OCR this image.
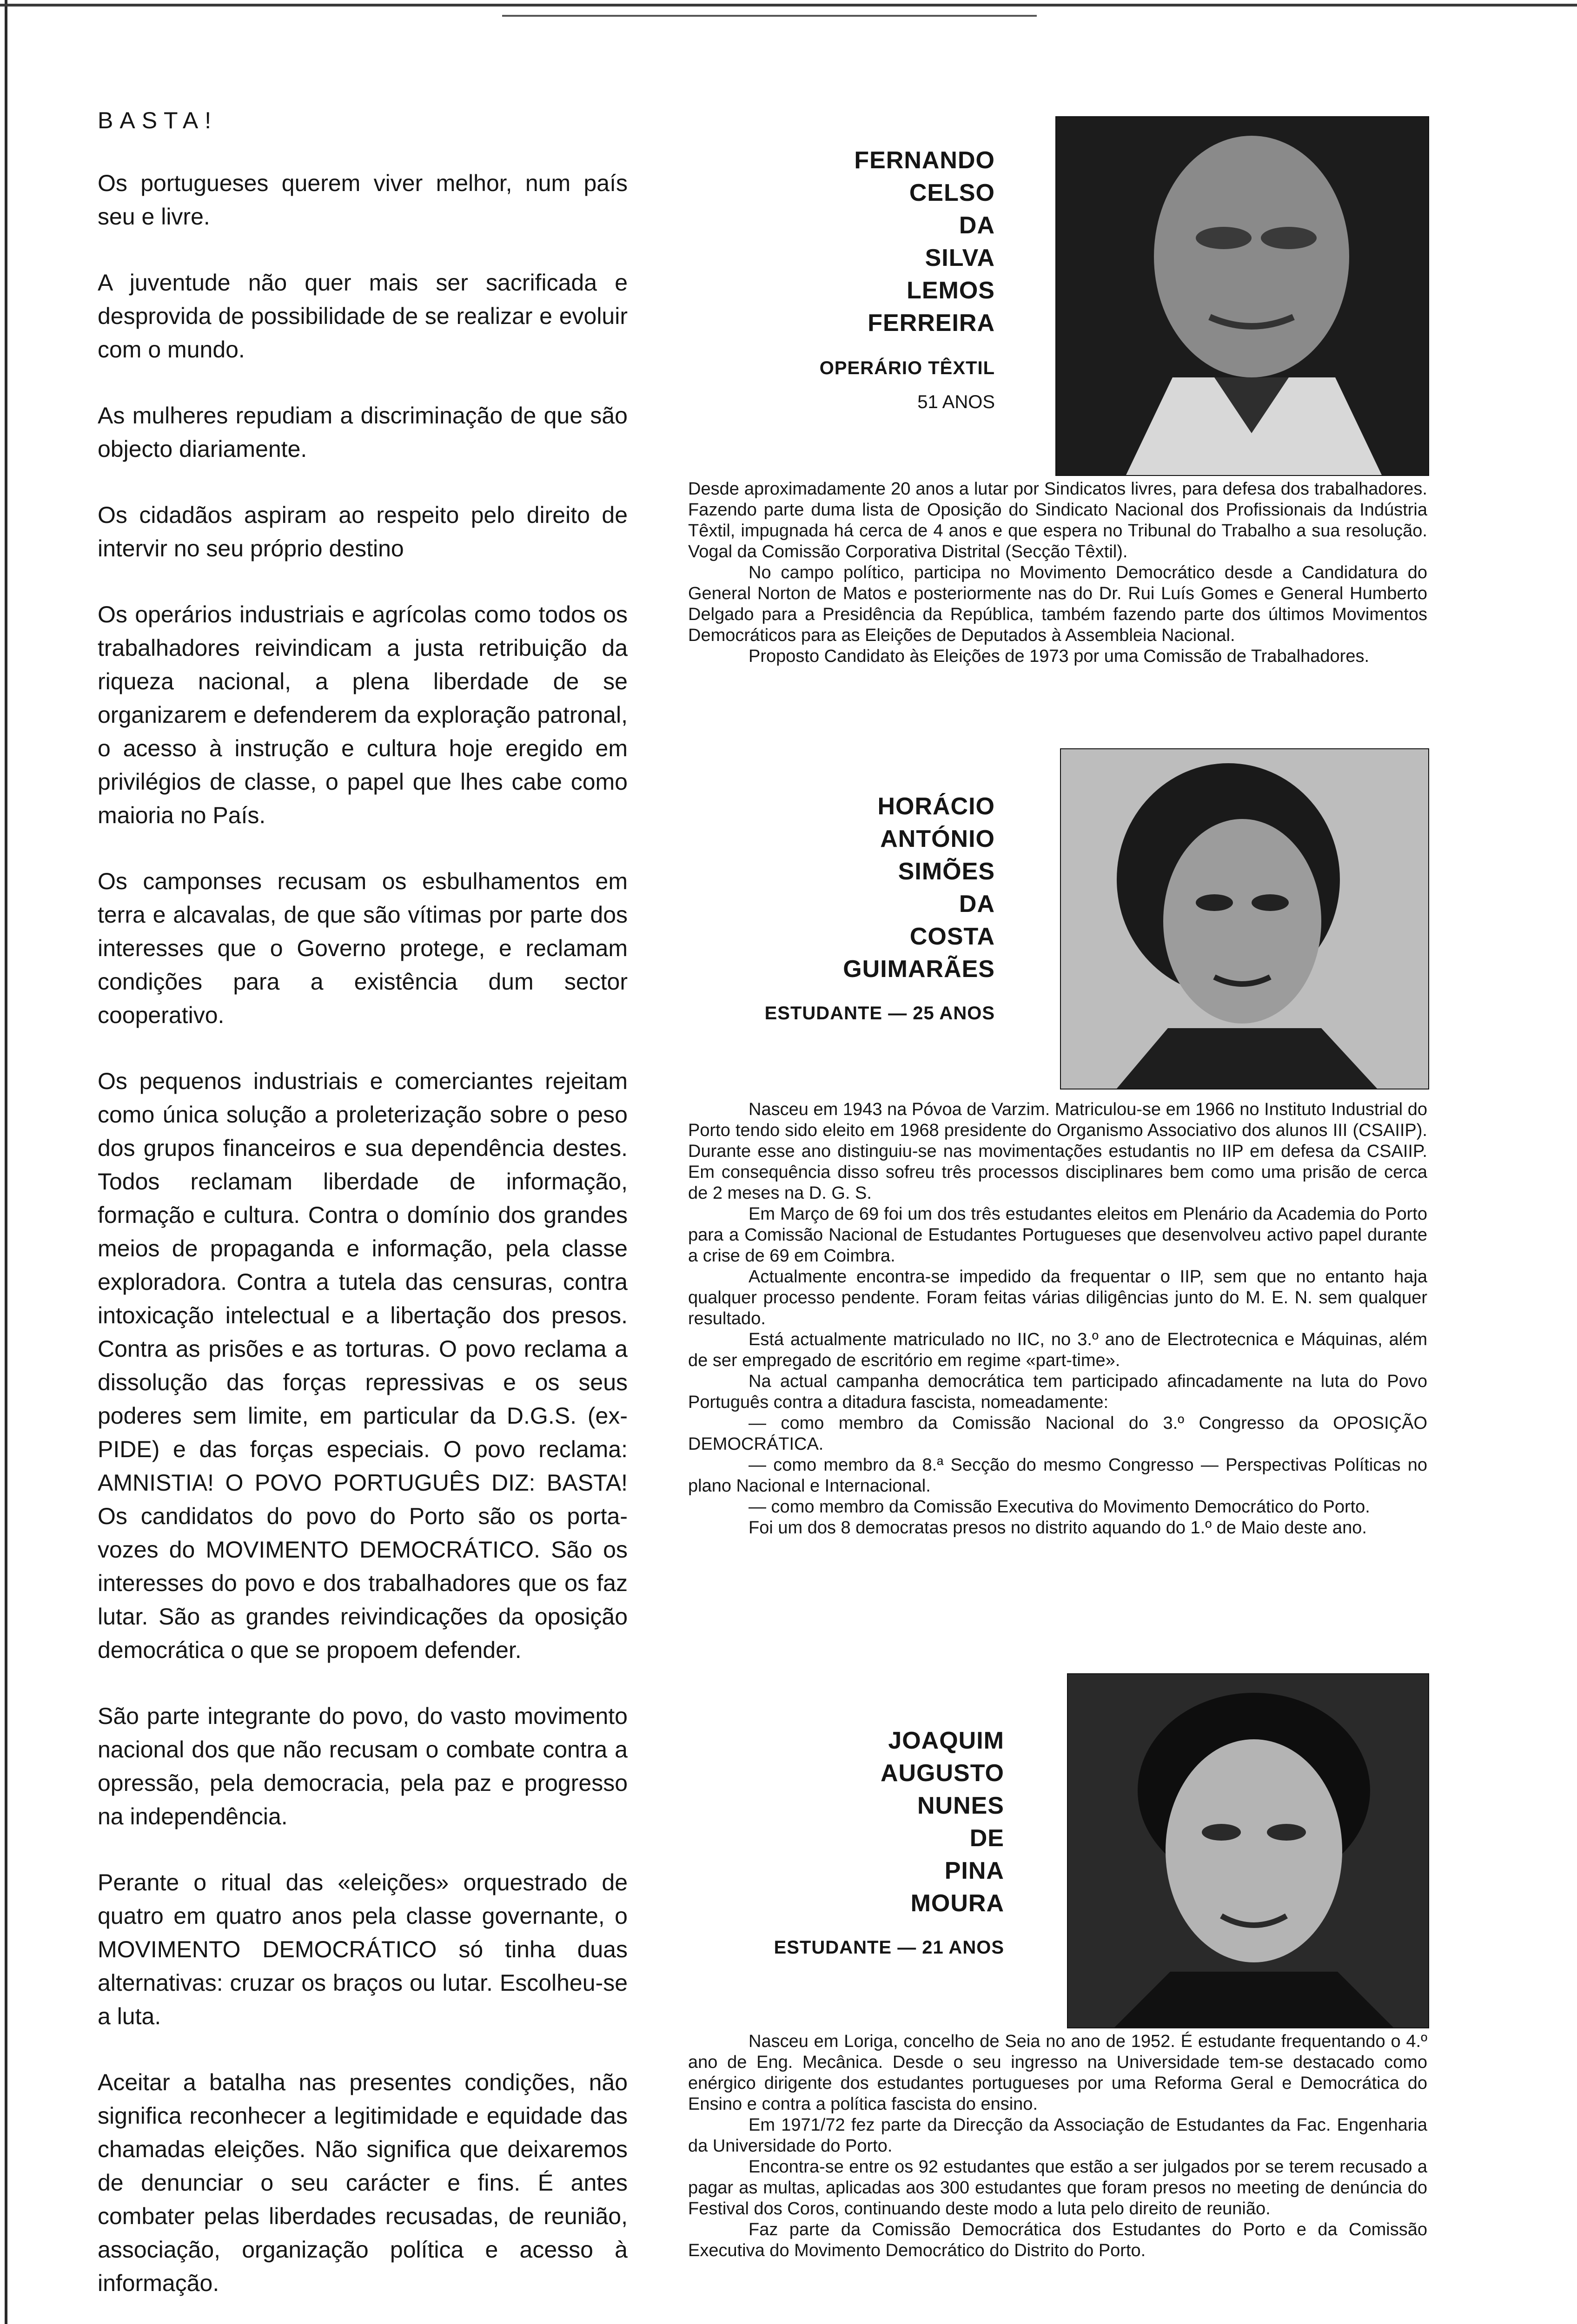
BASTA!

Os portugueses querem viver melhor, num país seu e livre.

A juventude não quer mais ser sacrificada e desprovida de possibilidade de se realizar e evoluir com o mundo.

As mulheres repudiam a discriminação de que são objecto diariamente.

Os cidadãos aspiram ao respeito pelo direito de intervir no seu próprio destino

Os operários industriais e agrícolas como todos os trabalhadores reivindicam a justa retribuição da riqueza nacional, a plena liberdade de se organizarem e defenderem da exploração patronal, o acesso à instrução e cultura hoje eregido em privilégios de classe, o papel que lhes cabe como maioria no País.

Os camponses recusam os esbulhamentos em terra e alcavalas, de que são vítimas por parte dos interesses que o Governo protege, e reclamam condições para a existência dum sector cooperativo.

Os pequenos industriais e comerciantes rejeitam como única solução a proleterização sobre o peso dos grupos financeiros e sua dependência destes. Todos reclamam liberdade de informação, formação e cultura. Contra o domínio dos grandes meios de propaganda e informação, pela classe exploradora. Contra a tutela das censuras, contra intoxicação intelectual e a libertação dos presos. Contra as prisões e as torturas. O povo reclama a dissolução das forças repressivas e os seus poderes sem limite, em particular da D.G.S. (ex-PIDE) e das forças especiais. O povo reclama: AMNISTIA! O POVO PORTUGUÊS DIZ: BASTA! Os candidatos do povo do Porto são os porta-vozes do MOVIMENTO DEMOCRÁTICO. São os interesses do povo e dos trabalhadores que os faz lutar. São as grandes reivindicações da oposição democrática o que se propoem defender.

São parte integrante do povo, do vasto movimento nacional dos que não recusam o combate contra a opressão, pela democracia, pela paz e progresso na independência.

Perante o ritual das «eleições» orquestrado de quatro em quatro anos pela classe governante, o MOVIMENTO DEMOCRÁTICO só tinha duas alternativas: cruzar os braços ou lutar. Escolheu-se a luta.

Aceitar a batalha nas presentes condições, não significa reconhecer a legitimidade e equidade das chamadas eleições. Não significa que deixaremos de denunciar o seu carácter e fins. É antes combater pelas liberdades recusadas, de reunião, associação, organização política e acesso à informação.

FERNANDO
CELSO
DA
SILVA
LEMOS
FERREIRA
OPERÁRIO TÊXTIL
51 ANOS

Desde aproximadamente 20 anos a lutar por Sindicatos livres, para defesa dos trabalhadores. Fazendo parte duma lista de Oposição do Sindicato Nacional dos Profissionais da Indústria Têxtil, impugnada há cerca de 4 anos e que espera no Tribunal do Trabalho a sua resolução. Vogal da Comissão Corporativa Distrital (Secção Têxtil).

No campo político, participa no Movimento Democrático desde a Candidatura do General Norton de Matos e posteriormente nas do Dr. Rui Luís Gomes e General Humberto Delgado para a Presidência da República, também fazendo parte dos últimos Movimentos Democráticos para as Eleições de Deputados à Assembleia Nacional.

Proposto Candidato às Eleições de 1973 por uma Comissão de Trabalhadores.

HORÁCIO
ANTÓNIO
SIMÕES
DA
COSTA
GUIMARÃES
ESTUDANTE — 25 ANOS

Nasceu em 1943 na Póvoa de Varzim. Matriculou-se em 1966 no Instituto Industrial do Porto tendo sido eleito em 1968 presidente do Organismo Associativo dos alunos III (CSAIIP). Durante esse ano distinguiu-se nas movimentações estudantis no IIP em defesa da CSAIIP. Em consequência disso sofreu três processos disciplinares bem como uma prisão de cerca de 2 meses na D. G. S.

Em Março de 69 foi um dos três estudantes eleitos em Plenário da Academia do Porto para a Comissão Nacional de Estudantes Portugueses que desenvolveu activo papel durante a crise de 69 em Coimbra.

Actualmente encontra-se impedido da frequentar o IIP, sem que no entanto haja qualquer processo pendente. Foram feitas várias diligências junto do M. E. N. sem qualquer resultado.

Está actualmente matriculado no IIC, no 3.º ano de Electrotecnica e Máquinas, além de ser empregado de escritório em regime «part-time».

Na actual campanha democrática tem participado afincadamente na luta do Povo Português contra a ditadura fascista, nomeadamente:

— como membro da Comissão Nacional do 3.º Congresso da OPOSIÇÃO DEMOCRÁTICA.

— como membro da 8.ª Secção do mesmo Congresso — Perspectivas Políticas no plano Nacional e Internacional.

— como membro da Comissão Executiva do Movimento Democrático do Porto.

Foi um dos 8 democratas presos no distrito aquando do 1.º de Maio deste ano.

JOAQUIM
AUGUSTO
NUNES
DE
PINA
MOURA
ESTUDANTE — 21 ANOS

Nasceu em Loriga, concelho de Seia no ano de 1952. É estudante frequentando o 4.º ano de Eng. Mecânica. Desde o seu ingresso na Universidade tem-se destacado como enérgico dirigente dos estudantes portugueses por uma Reforma Geral e Democrática do Ensino e contra a política fascista do ensino.

Em 1971/72 fez parte da Direcção da Associação de Estudantes da Fac. Engenharia da Universidade do Porto.

Encontra-se entre os 92 estudantes que estão a ser julgados por se terem recusado a pagar as multas, aplicadas aos 300 estudantes que foram presos no meeting de denúncia do Festival dos Coros, continuando deste modo a luta pelo direito de reunião.

Faz parte da Comissão Democrática dos Estudantes do Porto e da Comissão Executiva do Movimento Democrático do Distrito do Porto.
